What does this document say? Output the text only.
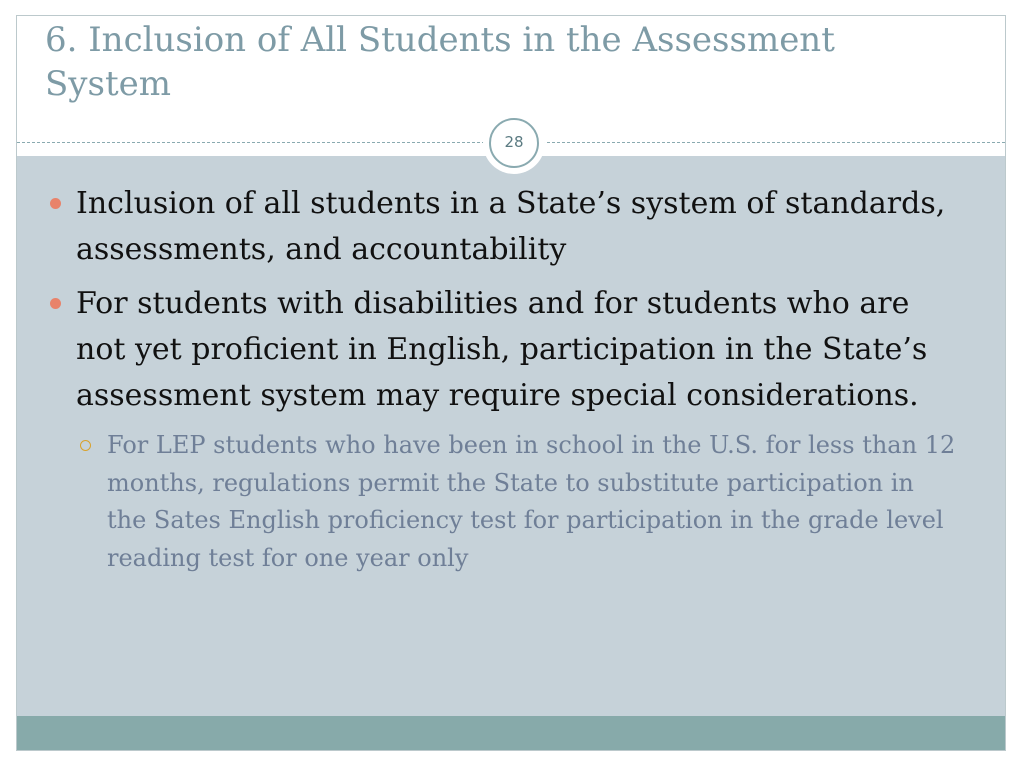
6. Inclusion of All Students in the Assessment System
28
Inclusion of all students in a State’s system of standards, assessments, and accountability
For students with disabilities and for students who are not yet proficient in English, participation in the State’s assessment system may require special considerations.
For LEP students who have been in school in the U.S. for less than 12 months, regulations permit the State to substitute participation in the Sates English proficiency test for participation in the grade level reading test for one year only
